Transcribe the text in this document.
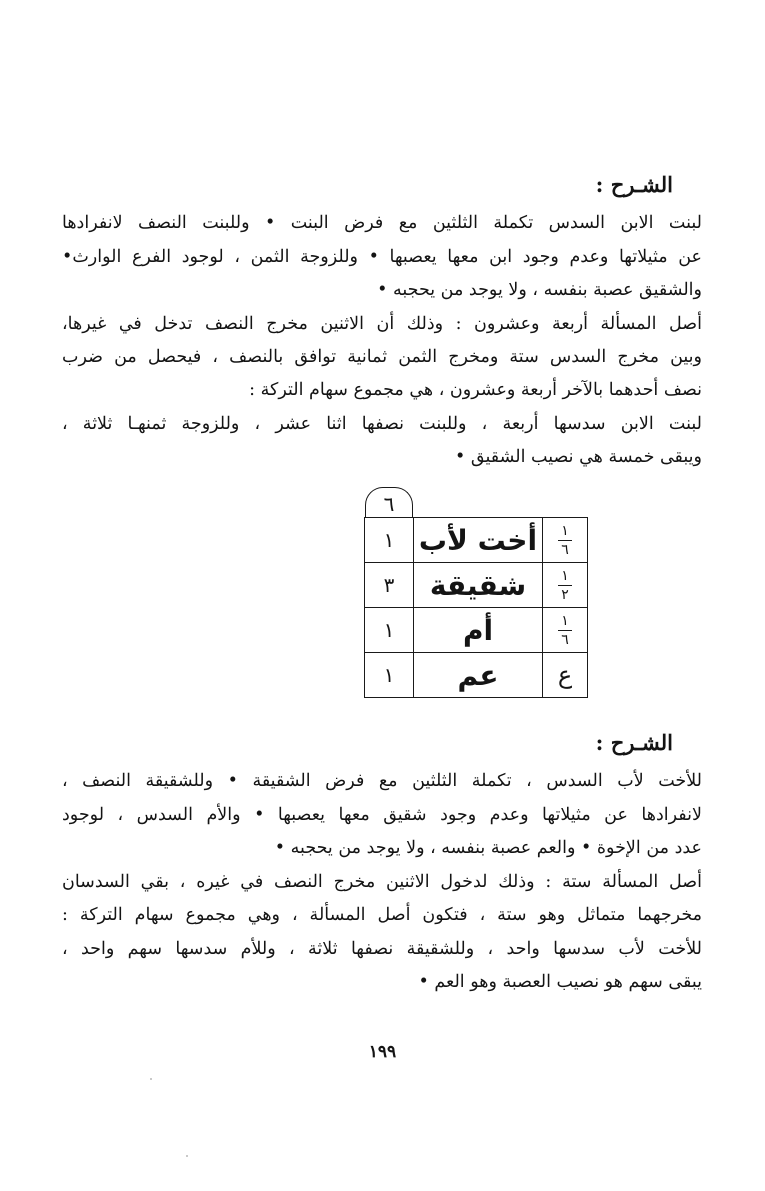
الشـرح :
لبنت الابن السدس تكملة الثلثين مع فرض البنت • وللبنت النصف لانفرادها
عن مثيلاتها وعدم وجود ابن معها يعصبها • وللزوجة الثمن ، لوجود الفرع الوارث•
والشقيق عصبة بنفسه ، ولا يوجد من يحجبه •
أصل المسألة أربعة وعشرون : وذلك أن الاثنين مخرج النصف تدخل في غيرها،
وبين مخرج السدس ستة ومخرج الثمن ثمانية توافق بالنصف ، فيحصل من ضرب
نصف أحدهما بالآخر أربعة وعشرون ، هي مجموع سهام التركة :
لبنت الابن سدسها أربعة ، وللبنت نصفها اثنا عشر ، وللزوجة ثمنهـا ثلاثة ،
ويبقى خمسة هي نصيب الشقيق •
٦
$\frac{١}{٦}$	أخت لأب	١

$\frac{١}{٢}$	شقيقة	٣

$\frac{١}{٦}$	أم	١
ع	عم	١
الشـرح :
للأخت لأب السدس ، تكملة الثلثين مع فرض الشقيقة • وللشقيقة النصف ،
لانفرادها عن مثيلاتها وعدم وجود شقيق معها يعصبها • والأم السدس ، لوجود
عدد من الإخوة • والعم عصبة بنفسه ، ولا يوجد من يحجبه •
أصل المسألة ستة : وذلك لدخول الاثنين مخرج النصف في غيره ، بقي السدسان
مخرجهما متماثل وهو ستة ، فتكون أصل المسألة ، وهي مجموع سهام التركة :
للأخت لأب سدسها واحد ، وللشقيقة نصفها ثلاثة ، وللأم سدسها سهم واحد ،
يبقى سهم هو نصيب العصبة وهو العم •
١٩٩
